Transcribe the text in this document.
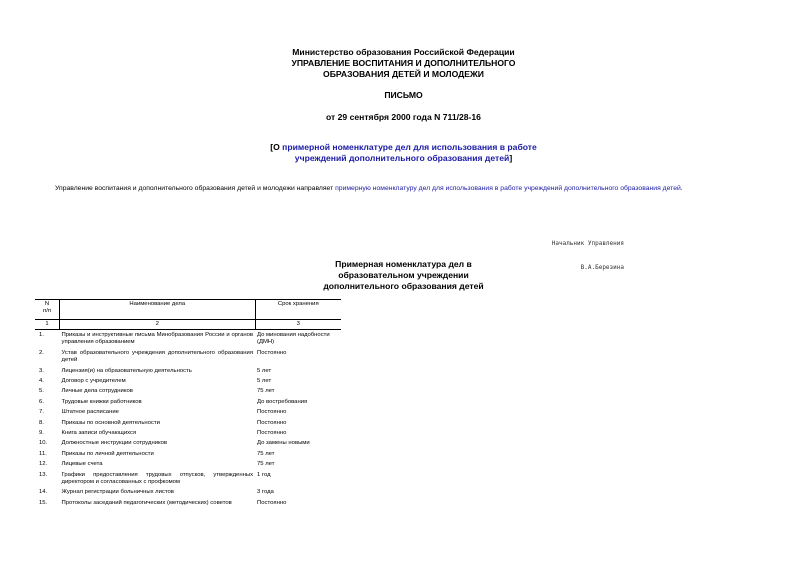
Министерство образования Российской Федерации
УПРАВЛЕНИЕ ВОСПИТАНИЯ И ДОПОЛНИТЕЛЬНОГО
ОБРАЗОВАНИЯ ДЕТЕЙ И МОЛОДЕЖИ
ПИСЬМО
от 29 сентября 2000 года N 711/28-16
[О примерной номенклатуре дел для использования в работе
учреждений дополнительного образования детей]
Управление воспитания и дополнительного образования детей и молодежи направляет примерную номенклатуру дел для использования в работе учреждений дополнительного образования детей.

Начальник Управления

В.А.Березина

Примерная номенклатура дел в
образовательном учреждении
дополнительного образования детей
N
п/п	Наименование дела	Срок хранения
1	2	3
1.	Приказы и инструктивные письма Минобразования России и органов управления образованием	До минования надобности (ДМН)
2.	Устав образовательного учреждения дополнительного образования детей	Постоянно
3.	Лицензия(и) на образовательную деятельность	5 лет
4.	Договор с учредителем	5 лет
5.	Личные дела сотрудников	75 лет
6.	Трудовые книжки работников	До востребования
7.	Штатное расписание	Постоянно
8.	Приказы по основной деятельности	Постоянно
9.	Книга записи обучающихся	Постоянно
10.	Должностные инструкции сотрудников	До замены новыми
11.	Приказы по личной деятельности	75 лет
12.	Лицевые счета	75 лет
13.	Графики предоставления трудовых отпусков, утвержденных директором и согласованных с профкомом	1 год
14.	Журнал регистрации больничных листов	3 года
15.	Протоколы заседаний педагогических (методических) советов	Постоянно
